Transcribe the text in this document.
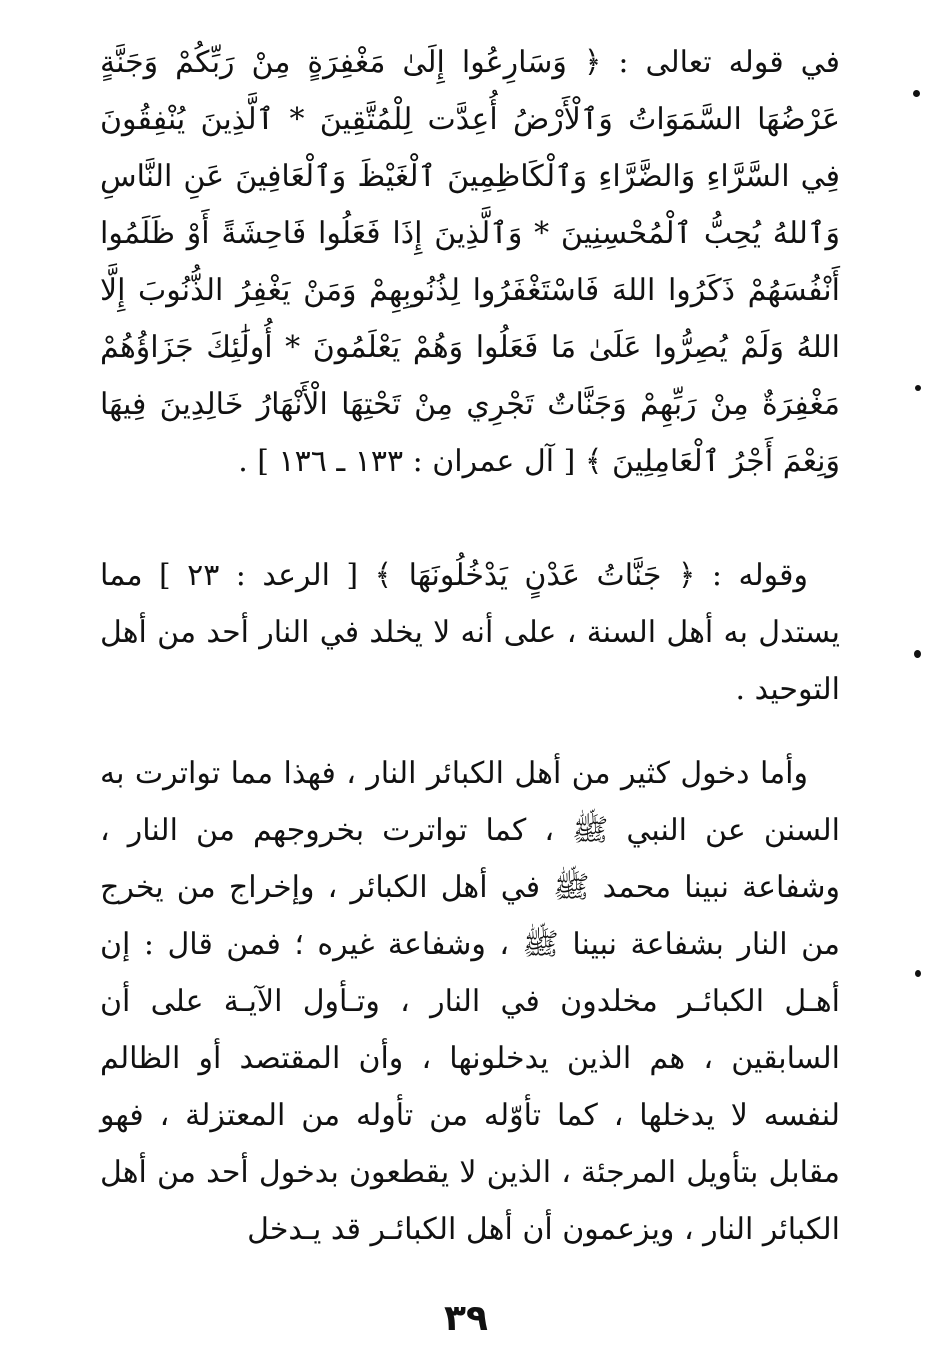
في قوله تعالى : ﴿ وَسَارِعُوا إِلَىٰ مَغْفِرَةٍ مِنْ رَبِّكُمْ وَجَنَّةٍ عَرْضُهَا السَّمَوَاتُ وَٱلْأَرْضُ أُعِدَّت لِلْمُتَّقِينَ * ٱلَّذِينَ يُنْفِقُونَ فِي السَّرَّاءِ وَالضَّرَّاءِ وَٱلْكَاظِمِينَ ٱلْغَيْظَ وَٱلْعَافِينَ عَنِ النَّاسِ وَٱللهُ يُحِبُّ ٱلْمُحْسِنِينَ * وَٱلَّذِينَ إِذَا فَعَلُوا فَاحِشَةً أَوْ ظَلَمُوا أَنْفُسَهُمْ ذَكَرُوا اللهَ فَاسْتَغْفَرُوا لِذُنُوبِهِمْ وَمَنْ يَغْفِرُ الذُّنُوبَ إِلَّا اللهُ وَلَمْ يُصِرُّوا عَلَىٰ مَا فَعَلُوا وَهُمْ يَعْلَمُونَ * أُولَٰئِكَ جَزَاؤُهُمْ مَغْفِرَةٌ مِنْ رَبِّهِمْ وَجَنَّاتٌ تَجْرِي مِنْ تَحْتِهَا الْأَنْهَارُ خَالِدِينَ فِيهَا وَنِعْمَ أَجْرُ ٱلْعَامِلِينَ ﴾ [ آل عمران : ١٣٣ ـ ١٣٦ ] .

وقوله : ﴿ جَنَّاتُ عَدْنٍ يَدْخُلُونَهَا ﴾ [ الرعد : ٢٣ ] مما يستدل به أهل السنة ، على أنه لا يخلد في النار أحد من أهل التوحيد .

وأما دخول كثير من أهل الكبائر النار ، فهذا مما تواترت به السنن عن النبي ﷺ ، كما تواترت بخروجهم من النار ، وشفاعة نبينا محمد ﷺ في أهل الكبائر ، وإخراج من يخرج من النار بشفاعة نبينا ﷺ ، وشفاعة غيره ؛ فمن قال : إن أهـل الكبائـر مخلدون في النار ، وتـأول الآيـة على أن السابقين ، هم الذين يدخلونها ، وأن المقتصد أو الظالم لنفسه لا يدخلها ، كما تأوّله من تأوله من المعتزلة ، فهو مقابل بتأويل المرجئة ، الذين لا يقطعون بدخول أحد من أهل الكبائر النار ، ويزعمون أن أهل الكبائـر قد يـدخل

٣٩
